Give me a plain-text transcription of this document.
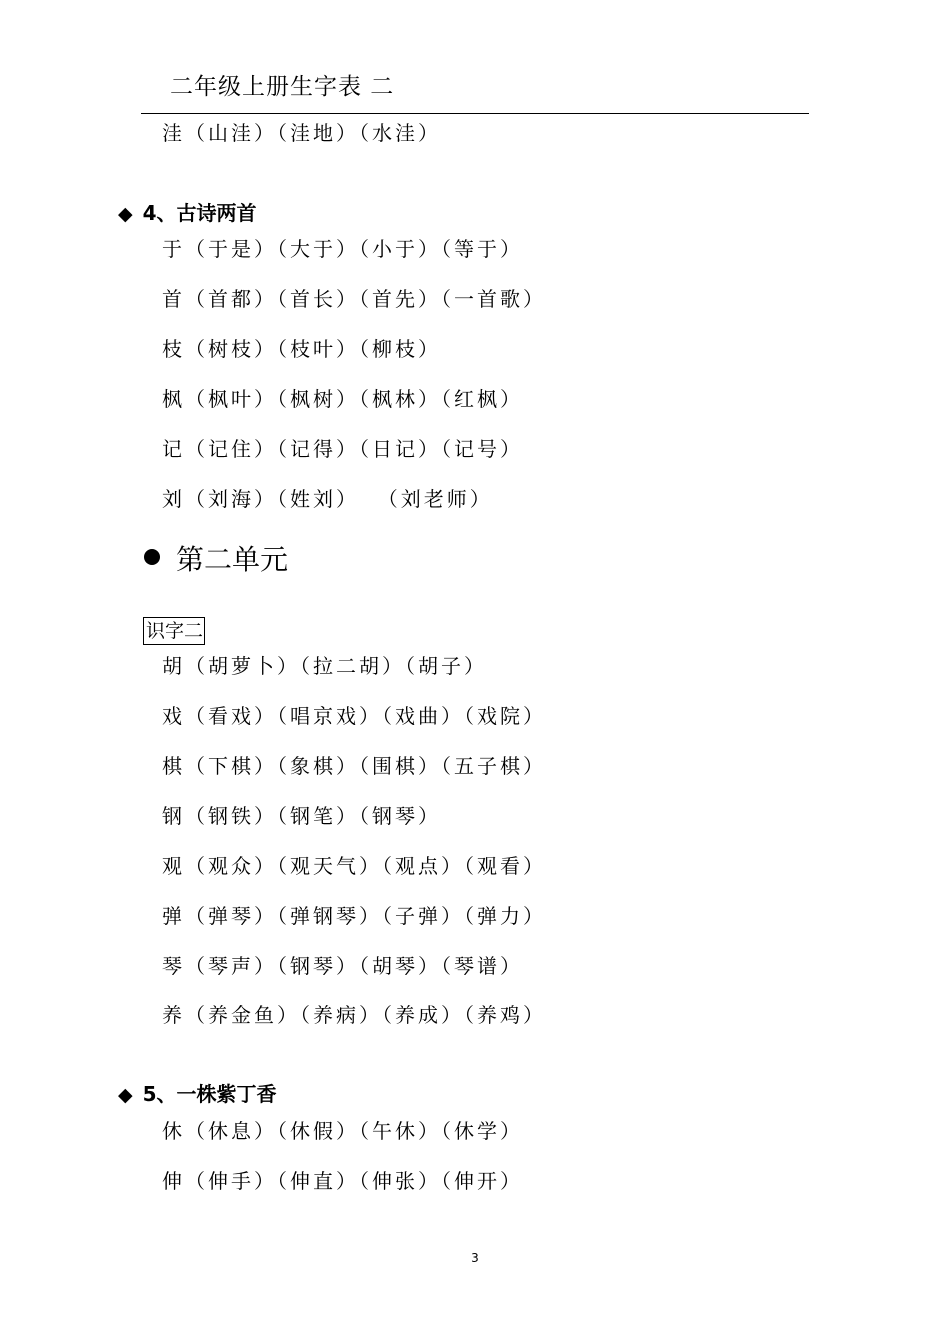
二年级上册生字表 二
洼（山洼）（洼地）（水洼）

◆ 4、古诗两首

于（于是）（大于）（小于）（等于）
首（首都）（首长）（首先）（一首歌）
枝（树枝）（枝叶）（柳枝）
枫（枫叶）（枫树）（枫林）（红枫）
记（记住）（记得）（日记）（记号）
刘（刘海）（姓刘）  （刘老师）
第二单元
识字二
胡（胡萝卜）（拉二胡）（胡子）
戏（看戏）（唱京戏）（戏曲）（戏院）
棋（下棋）（象棋）（围棋）（五子棋）
钢（钢铁）（钢笔）（钢琴）
观（观众）（观天气）（观点）（观看）
弹（弹琴）（弹钢琴）（子弹）（弹力）
琴（琴声）（钢琴）（胡琴）（琴谱）
养（养金鱼）（养病）（养成）（养鸡）

◆ 5、一株紫丁香

休（休息）（休假）（午休）（休学）
伸（伸手）（伸直）（伸张）（伸开）
3
